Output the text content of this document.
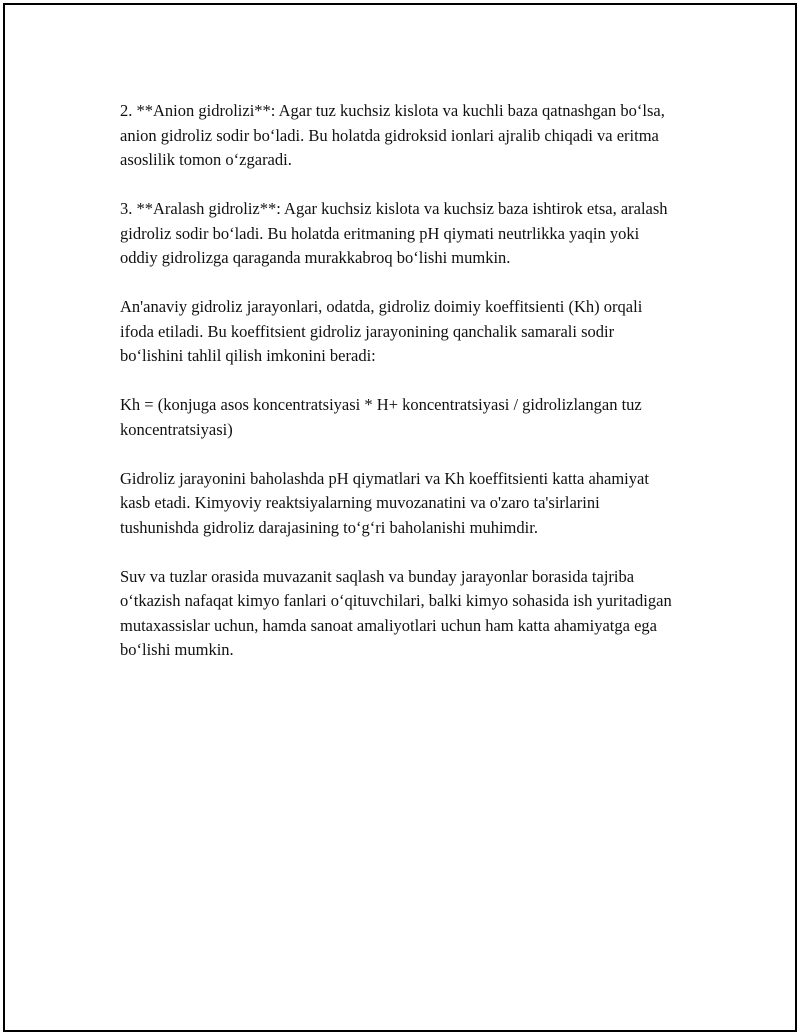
2. **Anion gidrolizi**: Agar tuz kuchsiz kislota va kuchli baza qatnashgan bo‘lsa, anion gidroliz sodir bo‘ladi. Bu holatda gidroksid ionlari ajralib chiqadi va eritma asoslilik tomon o‘zgaradi.

3. **Aralash gidroliz**: Agar kuchsiz kislota va kuchsiz baza ishtirok etsa, aralash gidroliz sodir bo‘ladi. Bu holatda eritmaning pH qiymati neutrlikka yaqin yoki oddiy gidrolizga qaraganda murakkabroq bo‘lishi mumkin.

An'anaviy gidroliz jarayonlari, odatda, gidroliz doimiy koeffitsienti (Kh) orqali ifoda etiladi. Bu koeffitsient gidroliz jarayonining qanchalik samarali sodir bo‘lishini tahlil qilish imkonini beradi:

Kh = (konjuga asos koncentratsiyasi * H+ koncentratsiyasi / gidrolizlangan tuz koncentratsiyasi)

Gidroliz jarayonini baholashda pH qiymatlari va Kh koeffitsienti katta ahamiyat kasb etadi. Kimyoviy reaktsiyalarning muvozanatini va o'zaro ta'sirlarini tushunishda gidroliz darajasining to‘g‘ri baholanishi muhimdir.

Suv va tuzlar orasida muvazanit saqlash va bunday jarayonlar borasida tajriba o‘tkazish nafaqat kimyo fanlari o‘qituvchilari, balki kimyo sohasida ish yuritadigan mutaxassislar uchun, hamda sanoat amaliyotlari uchun ham katta ahamiyatga ega bo‘lishi mumkin.
